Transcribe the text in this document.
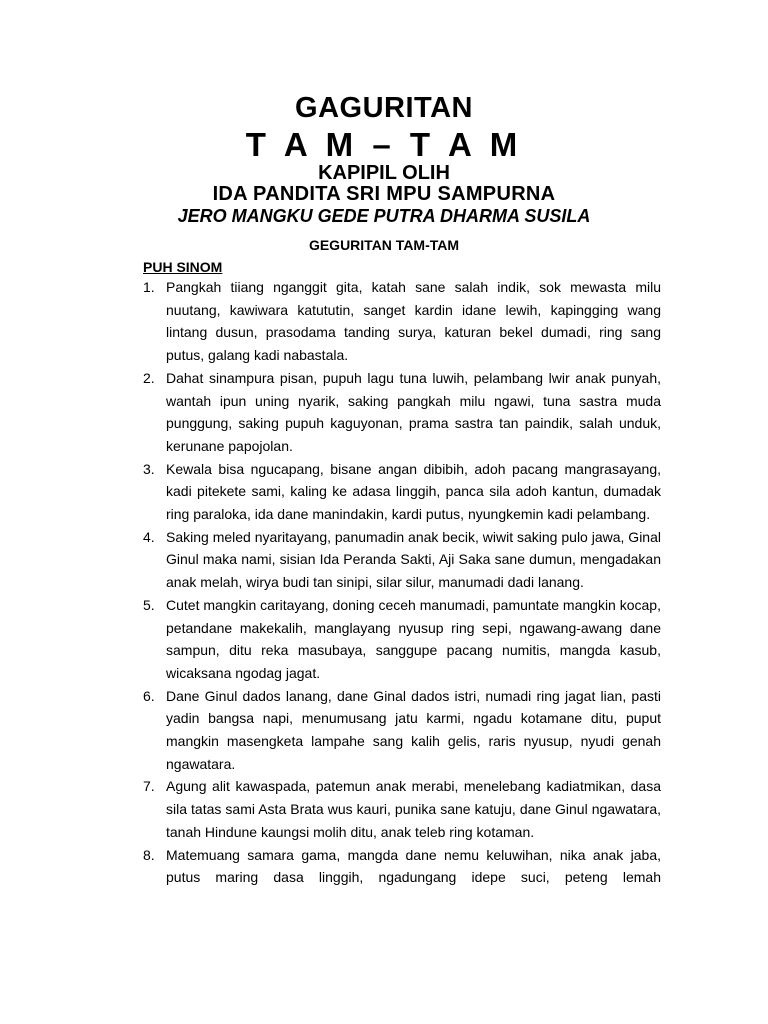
GAGURITAN
T A M – T A M
KAPIPIL OLIH
IDA PANDITA SRI MPU SAMPURNA
JERO MANGKU GEDE PUTRA DHARMA SUSILA
GEGURITAN TAM-TAM
PUH SINOM
1. Pangkah tiiang nganggit gita, katah sane salah indik, sok mewasta milu nuutang, kawiwara katututin, sanget kardin idane lewih, kapingging wang lintang dusun, prasodama tanding surya, katuran bekel dumadi, ring sang putus, galang kadi nabastala.
2. Dahat sinampura pisan, pupuh lagu tuna luwih, pelambang lwir anak punyah, wantah ipun uning nyarik, saking pangkah milu ngawi, tuna sastra muda punggung, saking pupuh kaguyonan, prama sastra tan paindik, salah unduk, kerunane papojolan.
3. Kewala bisa ngucapang, bisane angan dibibih, adoh pacang mangrasayang, kadi pitekete sami, kaling ke adasa linggih, panca sila adoh kantun, dumadak ring paraloka, ida dane manindakin, kardi putus, nyungkemin kadi pelambang.
4. Saking meled nyaritayang, panumadin anak becik, wiwit saking pulo jawa, Ginal Ginul maka nami, sisian Ida Peranda Sakti, Aji Saka sane dumun, mengadakan anak melah, wirya budi tan sinipi, silar silur, manumadi dadi lanang.
5. Cutet mangkin caritayang, doning ceceh manumadi, pamuntate mangkin kocap, petandane makekalih, manglayang nyusup ring sepi, ngawang-awang dane sampun, ditu reka masubaya, sanggupe pacang numitis, mangda kasub, wicaksana ngodag jagat.
6. Dane Ginul dados lanang, dane Ginal dados istri, numadi ring jagat lian, pasti yadin bangsa napi, menumusang jatu karmi, ngadu kotamane ditu, puput mangkin masengketa lampahe sang kalih gelis, raris nyusup, nyudi genah ngawatara.
7. Agung alit kawaspada, patemun anak merabi, menelebang kadiatmikan, dasa sila tatas sami Asta Brata wus kauri, punika sane katuju, dane Ginul ngawatara, tanah Hindune kaungsi molih ditu, anak teleb ring kotaman.
8. Matemuang samara gama, mangda dane nemu keluwihan, nika anak jaba, putus maring dasa linggih, ngadungang idepe suci, peteng lemah
